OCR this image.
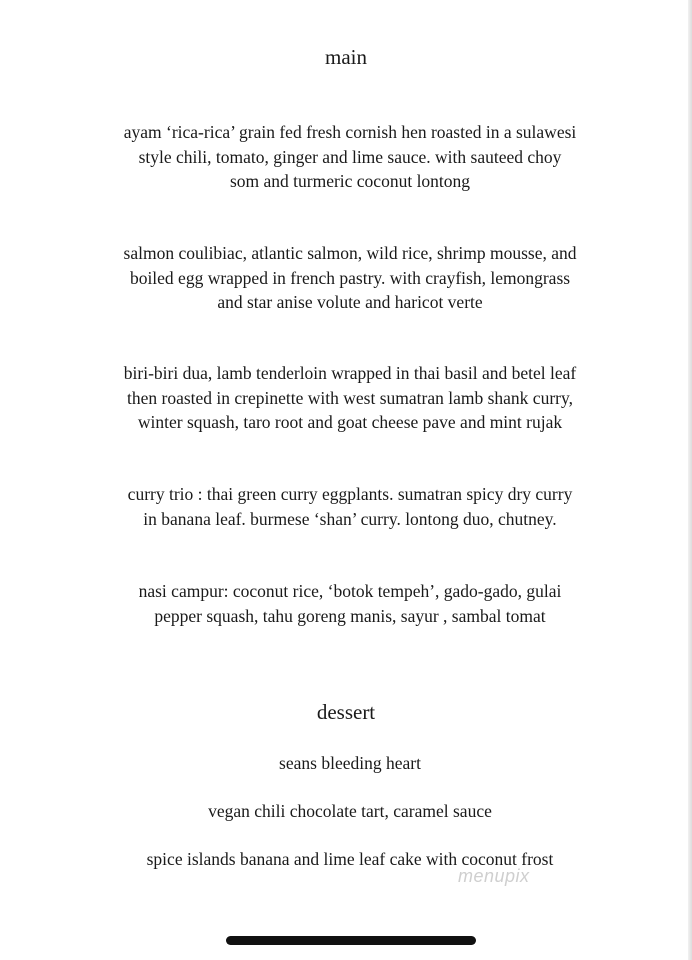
main

ayam ‘rica-rica’ grain fed fresh cornish hen roasted in a sulawesi

style chili, tomato, ginger and lime sauce. with sauteed choy

som and turmeric coconut lontong

salmon coulibiac, atlantic salmon, wild rice, shrimp mousse, and

boiled egg wrapped in french pastry. with crayfish, lemongrass

and star anise volute and haricot verte

biri-biri dua, lamb tenderloin wrapped in thai basil and betel leaf

then roasted in crepinette with west sumatran lamb shank curry,

winter squash, taro root and goat cheese pave and mint rujak

curry trio : thai green curry eggplants. sumatran spicy dry curry

in banana leaf. burmese ‘shan’ curry. lontong duo, chutney.

nasi campur: coconut rice, ‘botok tempeh’, gado-gado, gulai

pepper squash, tahu goreng manis, sayur , sambal tomat

dessert

seans bleeding heart

vegan chili chocolate tart, caramel sauce

spice islands banana and lime leaf cake with coconut frost

menupix
